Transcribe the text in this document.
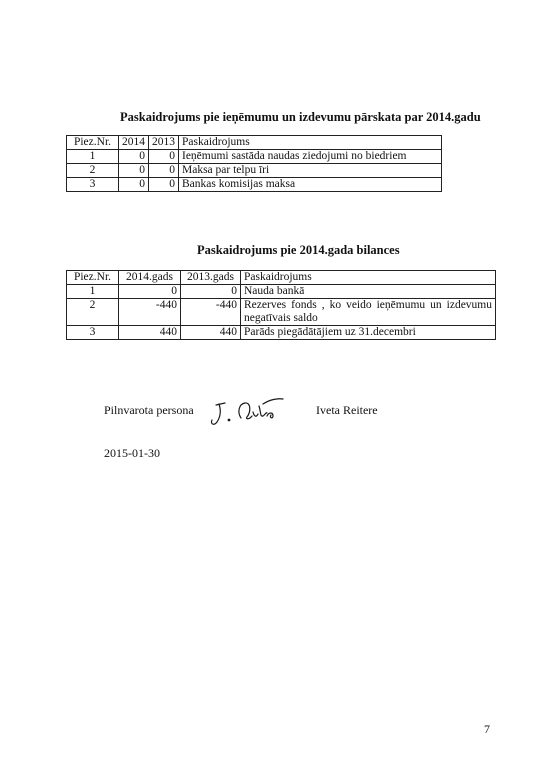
Paskaidrojums pie ieņēmumu un izdevumu pārskata par 2014.gadu
Piez.Nr.	2014	2013	Paskaidrojums
1	0	0	Ieņēmumi sastāda naudas ziedojumi no biedriem
2	0	0	Maksa par telpu īri
3	0	0	Bankas komisijas maksa
Paskaidrojums pie 2014.gada bilances
Piez.Nr.	2014.gads	2013.gads	Paskaidrojums
1	0	0	Nauda bankā
2	-440	-440	Rezerves fonds , ko veido ieņēmumu un izdevumu negatīvais saldo
3	440	440	Parāds piegādātājiem uz 31.decembri
Pilnvarota persona	Iveta Reitere
2015-01-30
7
